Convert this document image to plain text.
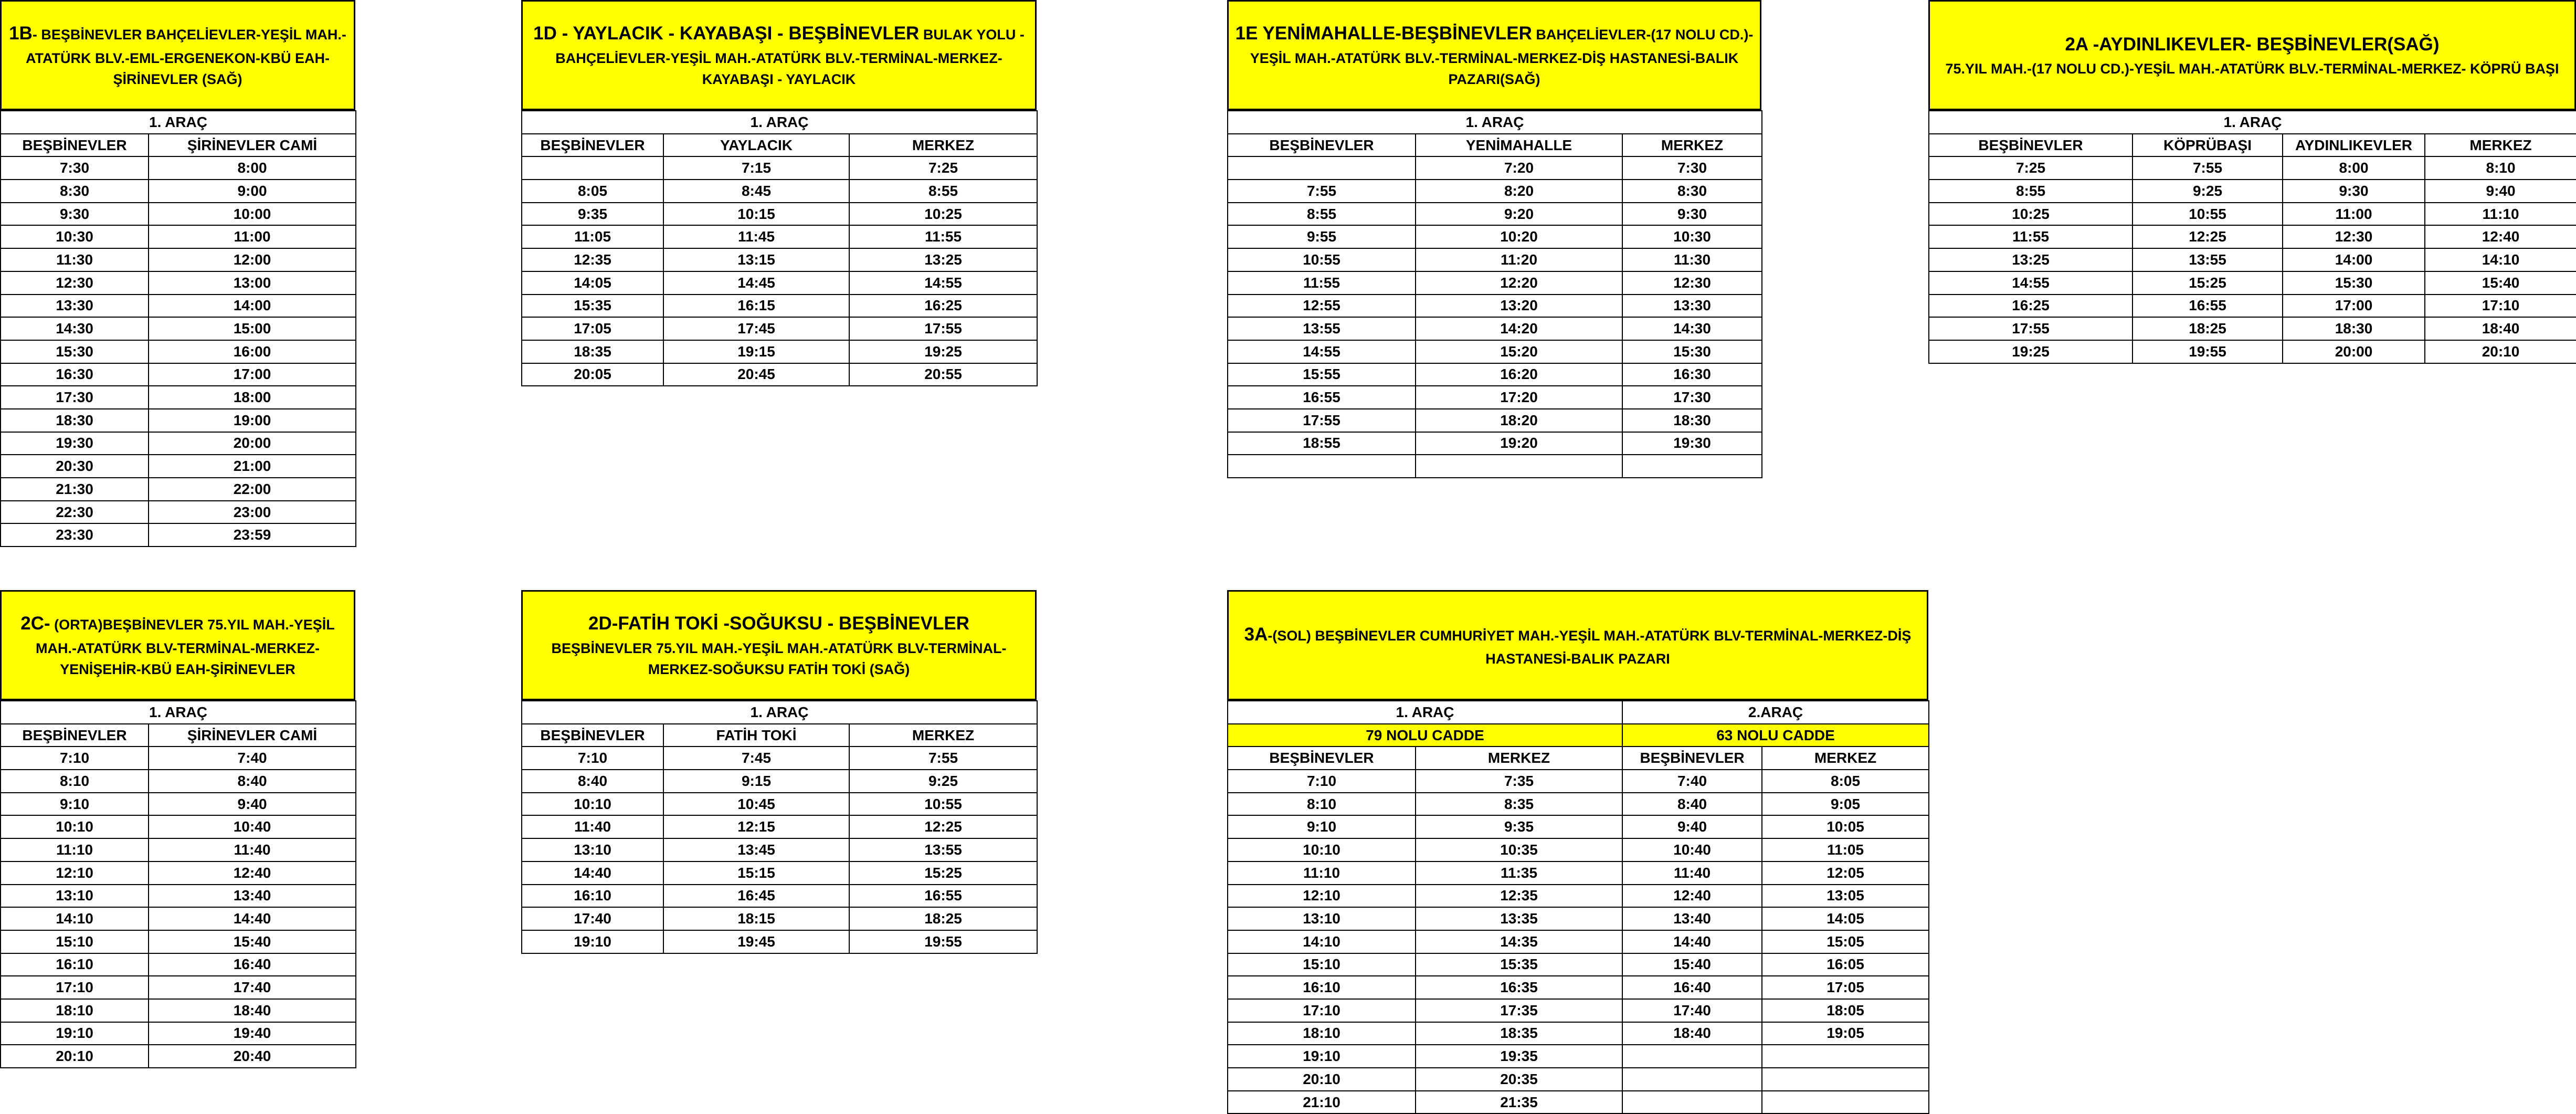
1B- BEŞBİNEVLER BAHÇELİEVLER-YEŞİL MAH.-ATATÜRK BLV.-EML-ERGENEKON-KBÜ EAH-ŞİRİNEVLER (SAĞ)
1. ARAÇ	
BEŞBİNEVLER	ŞİRİNEVLER CAMİ
7:30	8:00
8:30	9:00
9:30	10:00
10:30	11:00
11:30	12:00
12:30	13:00
13:30	14:00
14:30	15:00
15:30	16:00
16:30	17:00
17:30	18:00
18:30	19:00
19:30	20:00
20:30	21:00
21:30	22:00
22:30	23:00
23:30	23:59
1D - YAYLACIK - KAYABAŞI - BEŞBİNEVLER BULAK YOLU -BAHÇELİEVLER-YEŞİL MAH.-ATATÜRK BLV.-TERMİNAL-MERKEZ-KAYABAŞI - YAYLACIK
1. ARAÇ		
BEŞBİNEVLER	YAYLACIK	MERKEZ
	7:15	7:25
8:05	8:45	8:55
9:35	10:15	10:25
11:05	11:45	11:55
12:35	13:15	13:25
14:05	14:45	14:55
15:35	16:15	16:25
17:05	17:45	17:55
18:35	19:15	19:25
20:05	20:45	20:55
1E YENİMAHALLE-BEŞBİNEVLER BAHÇELİEVLER-(17 NOLU CD.)-YEŞİL MAH.-ATATÜRK BLV.-TERMİNAL-MERKEZ-DİŞ HASTANESİ-BALIK PAZARI(SAĞ)
1. ARAÇ		
BEŞBİNEVLER	YENİMAHALLE	MERKEZ
	7:20	7:30
7:55	8:20	8:30
8:55	9:20	9:30
9:55	10:20	10:30
10:55	11:20	11:30
11:55	12:20	12:30
12:55	13:20	13:30
13:55	14:20	14:30
14:55	15:20	15:30
15:55	16:20	16:30
16:55	17:20	17:30
17:55	18:20	18:30
18:55	19:20	19:30

2A -AYDINLIKEVLER- BEŞBİNEVLER(SAĞ)
75.YIL MAH.-(17 NOLU CD.)-YEŞİL MAH.-ATATÜRK BLV.-TERMİNAL-MERKEZ- KÖPRÜ BAŞI
1. ARAÇ			
BEŞBİNEVLER	KÖPRÜBAŞI	AYDINLIKEVLER	MERKEZ
7:25	7:55	8:00	8:10
8:55	9:25	9:30	9:40
10:25	10:55	11:00	11:10
11:55	12:25	12:30	12:40
13:25	13:55	14:00	14:10
14:55	15:25	15:30	15:40
16:25	16:55	17:00	17:10
17:55	18:25	18:30	18:40
19:25	19:55	20:00	20:10
2C- (ORTA)BEŞBİNEVLER 75.YIL MAH.-YEŞİL MAH.-ATATÜRK BLV-TERMİNAL-MERKEZ-YENİŞEHİR-KBÜ EAH-ŞİRİNEVLER
1. ARAÇ	
BEŞBİNEVLER	ŞİRİNEVLER CAMİ
7:10	7:40
8:10	8:40
9:10	9:40
10:10	10:40
11:10	11:40
12:10	12:40
13:10	13:40
14:10	14:40
15:10	15:40
16:10	16:40
17:10	17:40
18:10	18:40
19:10	19:40
20:10	20:40
2D-FATİH TOKİ -SOĞUKSU - BEŞBİNEVLER
BEŞBİNEVLER 75.YIL MAH.-YEŞİL MAH.-ATATÜRK BLV-TERMİNAL-MERKEZ-SOĞUKSU FATİH TOKİ (SAĞ)
1. ARAÇ		
BEŞBİNEVLER	FATİH TOKİ	MERKEZ
7:10	7:45	7:55
8:40	9:15	9:25
10:10	10:45	10:55
11:40	12:15	12:25
13:10	13:45	13:55
14:40	15:15	15:25
16:10	16:45	16:55
17:40	18:15	18:25
19:10	19:45	19:55
3A-(SOL) BEŞBİNEVLER CUMHURİYET MAH.-YEŞİL MAH.-ATATÜRK BLV-TERMİNAL-MERKEZ-DİŞ HASTANESİ-BALIK PAZARI
1. ARAÇ		2.ARAÇ	
79 NOLU CADDE		63 NOLU CADDE	
BEŞBİNEVLER	MERKEZ	BEŞBİNEVLER	MERKEZ
7:10	7:35	7:40	8:05
8:10	8:35	8:40	9:05
9:10	9:35	9:40	10:05
10:10	10:35	10:40	11:05
11:10	11:35	11:40	12:05
12:10	12:35	12:40	13:05
13:10	13:35	13:40	14:05
14:10	14:35	14:40	15:05
15:10	15:35	15:40	16:05
16:10	16:35	16:40	17:05
17:10	17:35	17:40	18:05
18:10	18:35	18:40	19:05
19:10	19:35		
20:10	20:35		
21:10	21:35		
